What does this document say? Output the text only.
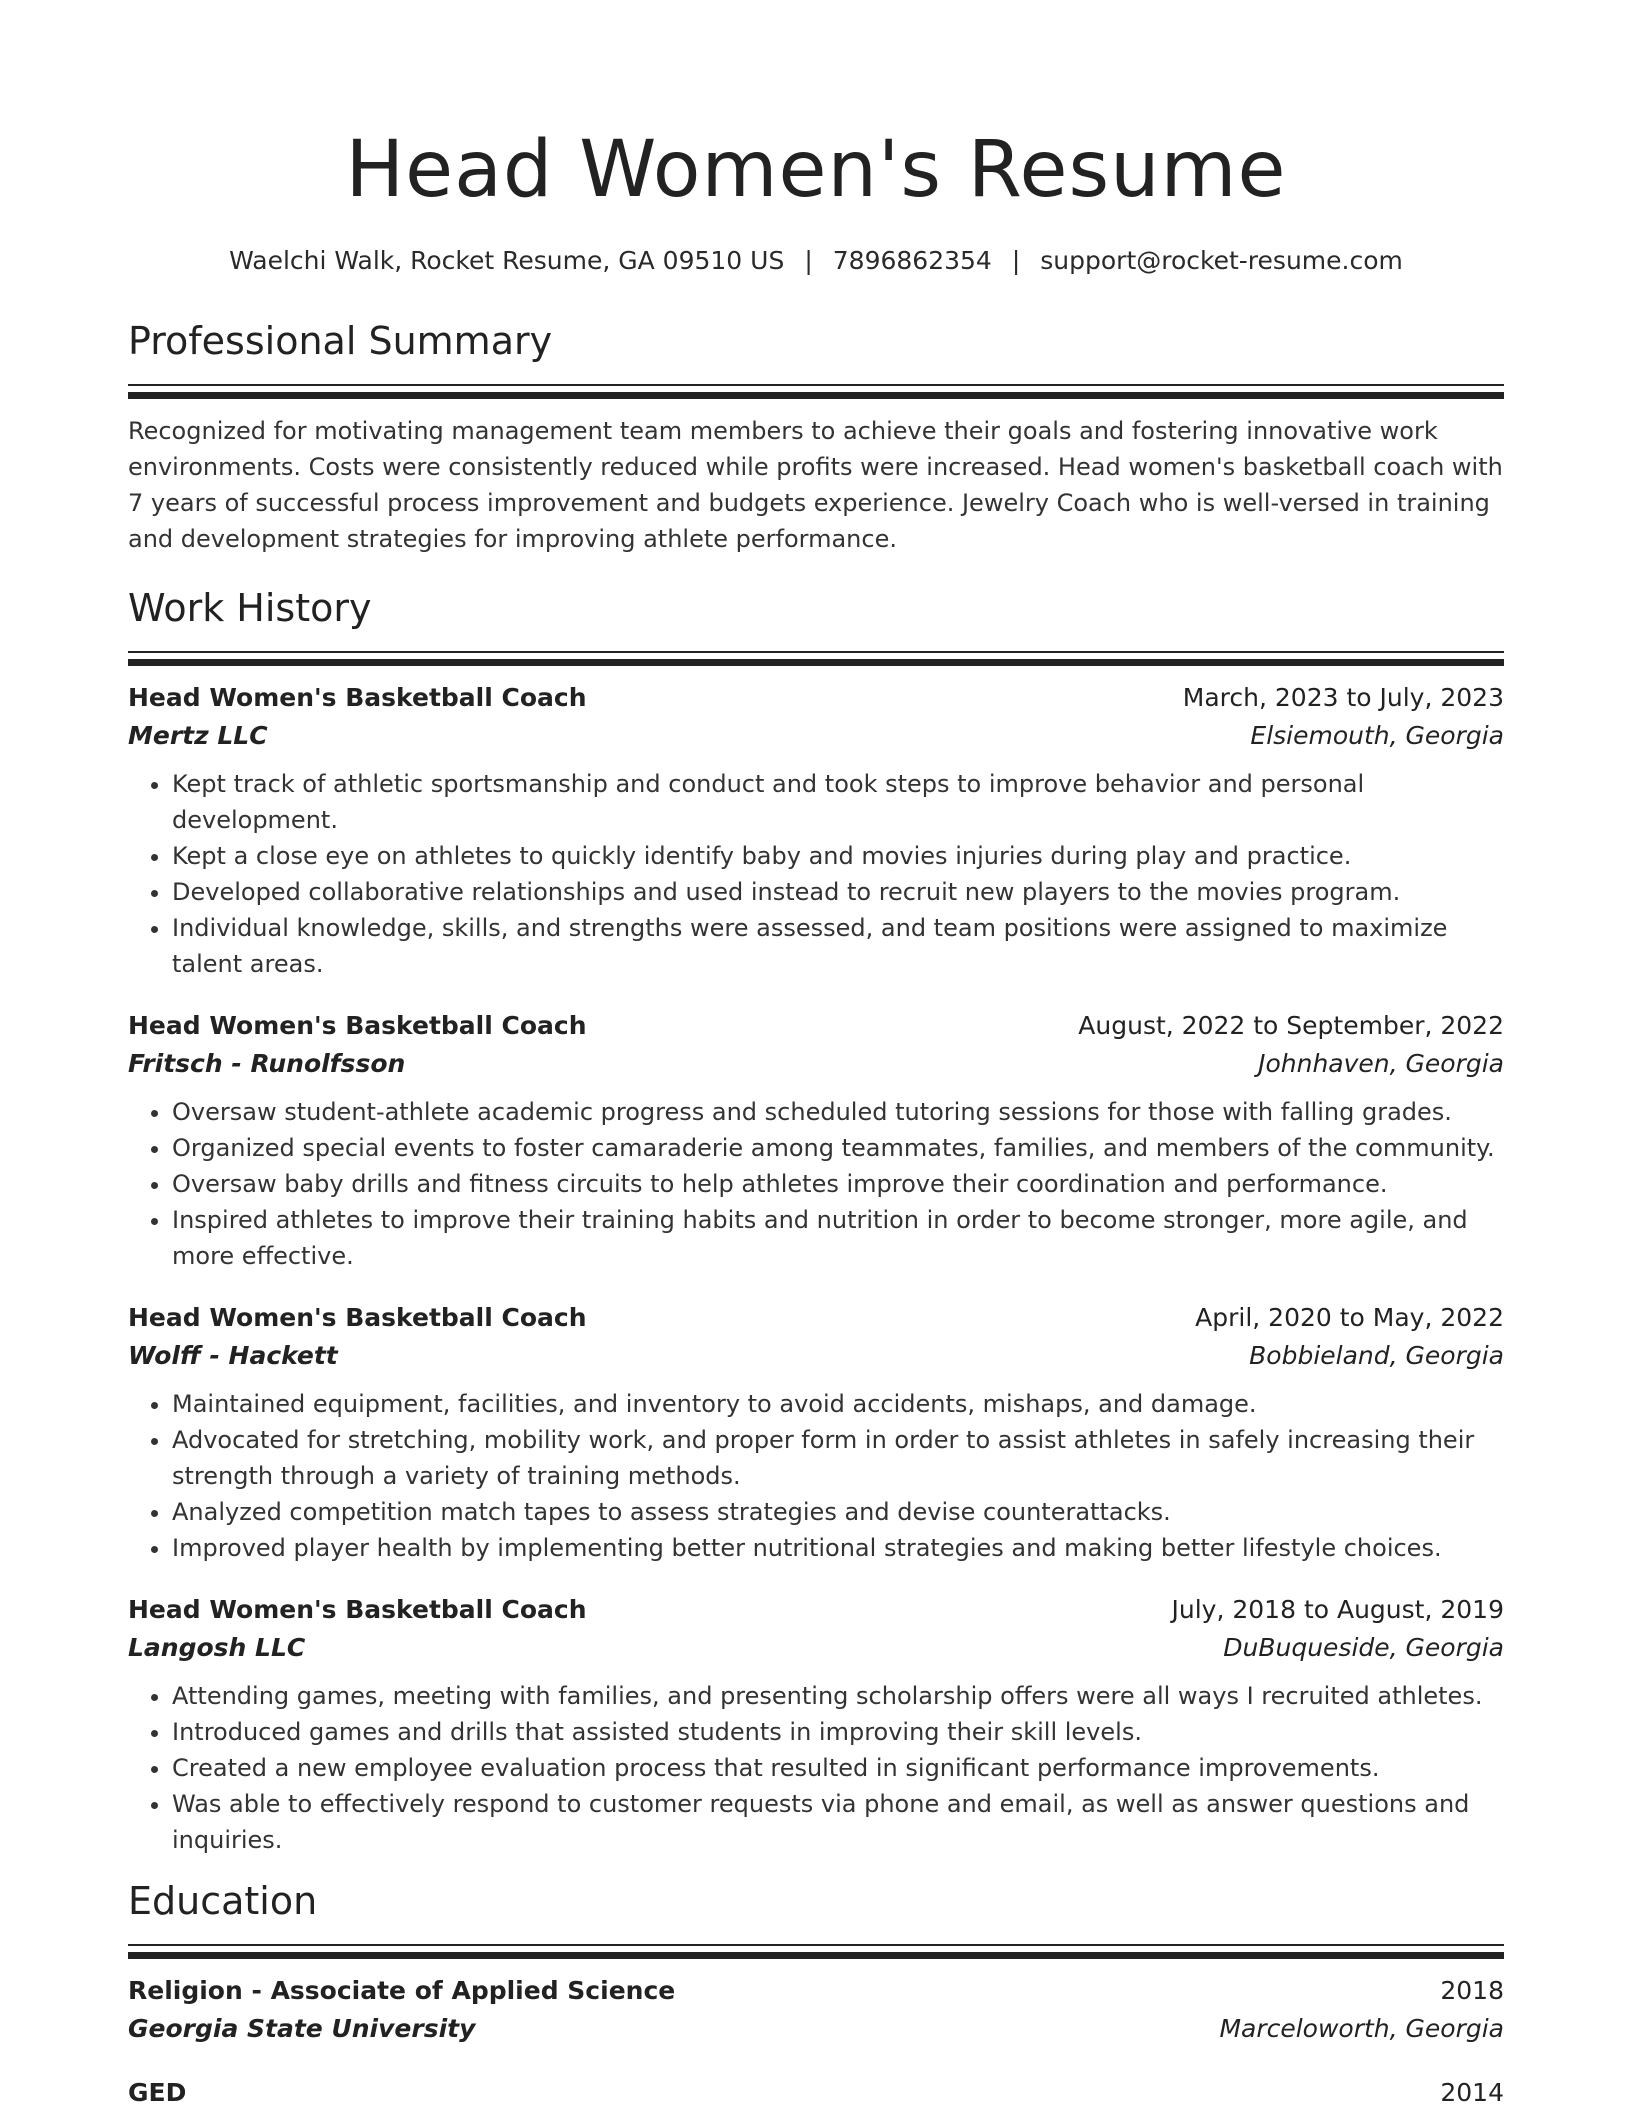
Head Women's Resume
Waelchi Walk, Rocket Resume, GA 09510 US | 7896862354 | support@rocket-resume.com
Professional Summary
Recognized for motivating management team members to achieve their goals and fostering innovative work environments. Costs were consistently reduced while profits were increased. Head women's basketball coach with 7 years of successful process improvement and budgets experience. Jewelry Coach who is well-versed in training and development strategies for improving athlete performance.
Work History
Head Women's Basketball Coach	March, 2023 to July, 2023
Mertz LLC	Elsiemouth, Georgia
• Kept track of athletic sportsmanship and conduct and took steps to improve behavior and personal development.
• Kept a close eye on athletes to quickly identify baby and movies injuries during play and practice.
• Developed collaborative relationships and used instead to recruit new players to the movies program.
• Individual knowledge, skills, and strengths were assessed, and team positions were assigned to maximize talent areas.
Head Women's Basketball Coach	August, 2022 to September, 2022
Fritsch - Runolfsson	Johnhaven, Georgia
• Oversaw student-athlete academic progress and scheduled tutoring sessions for those with falling grades.
• Organized special events to foster camaraderie among teammates, families, and members of the community.
• Oversaw baby drills and fitness circuits to help athletes improve their coordination and performance.
• Inspired athletes to improve their training habits and nutrition in order to become stronger, more agile, and more effective.
Head Women's Basketball Coach	April, 2020 to May, 2022
Wolff - Hackett	Bobbieland, Georgia
• Maintained equipment, facilities, and inventory to avoid accidents, mishaps, and damage.
• Advocated for stretching, mobility work, and proper form in order to assist athletes in safely increasing their strength through a variety of training methods.
• Analyzed competition match tapes to assess strategies and devise counterattacks.
• Improved player health by implementing better nutritional strategies and making better lifestyle choices.
Head Women's Basketball Coach	July, 2018 to August, 2019
Langosh LLC	DuBuqueside, Georgia
• Attending games, meeting with families, and presenting scholarship offers were all ways I recruited athletes.
• Introduced games and drills that assisted students in improving their skill levels.
• Created a new employee evaluation process that resulted in significant performance improvements.
• Was able to effectively respond to customer requests via phone and email, as well as answer questions and inquiries.
Education
Religion - Associate of Applied Science	2018
Georgia State University	Marceloworth, Georgia
GED	2014
